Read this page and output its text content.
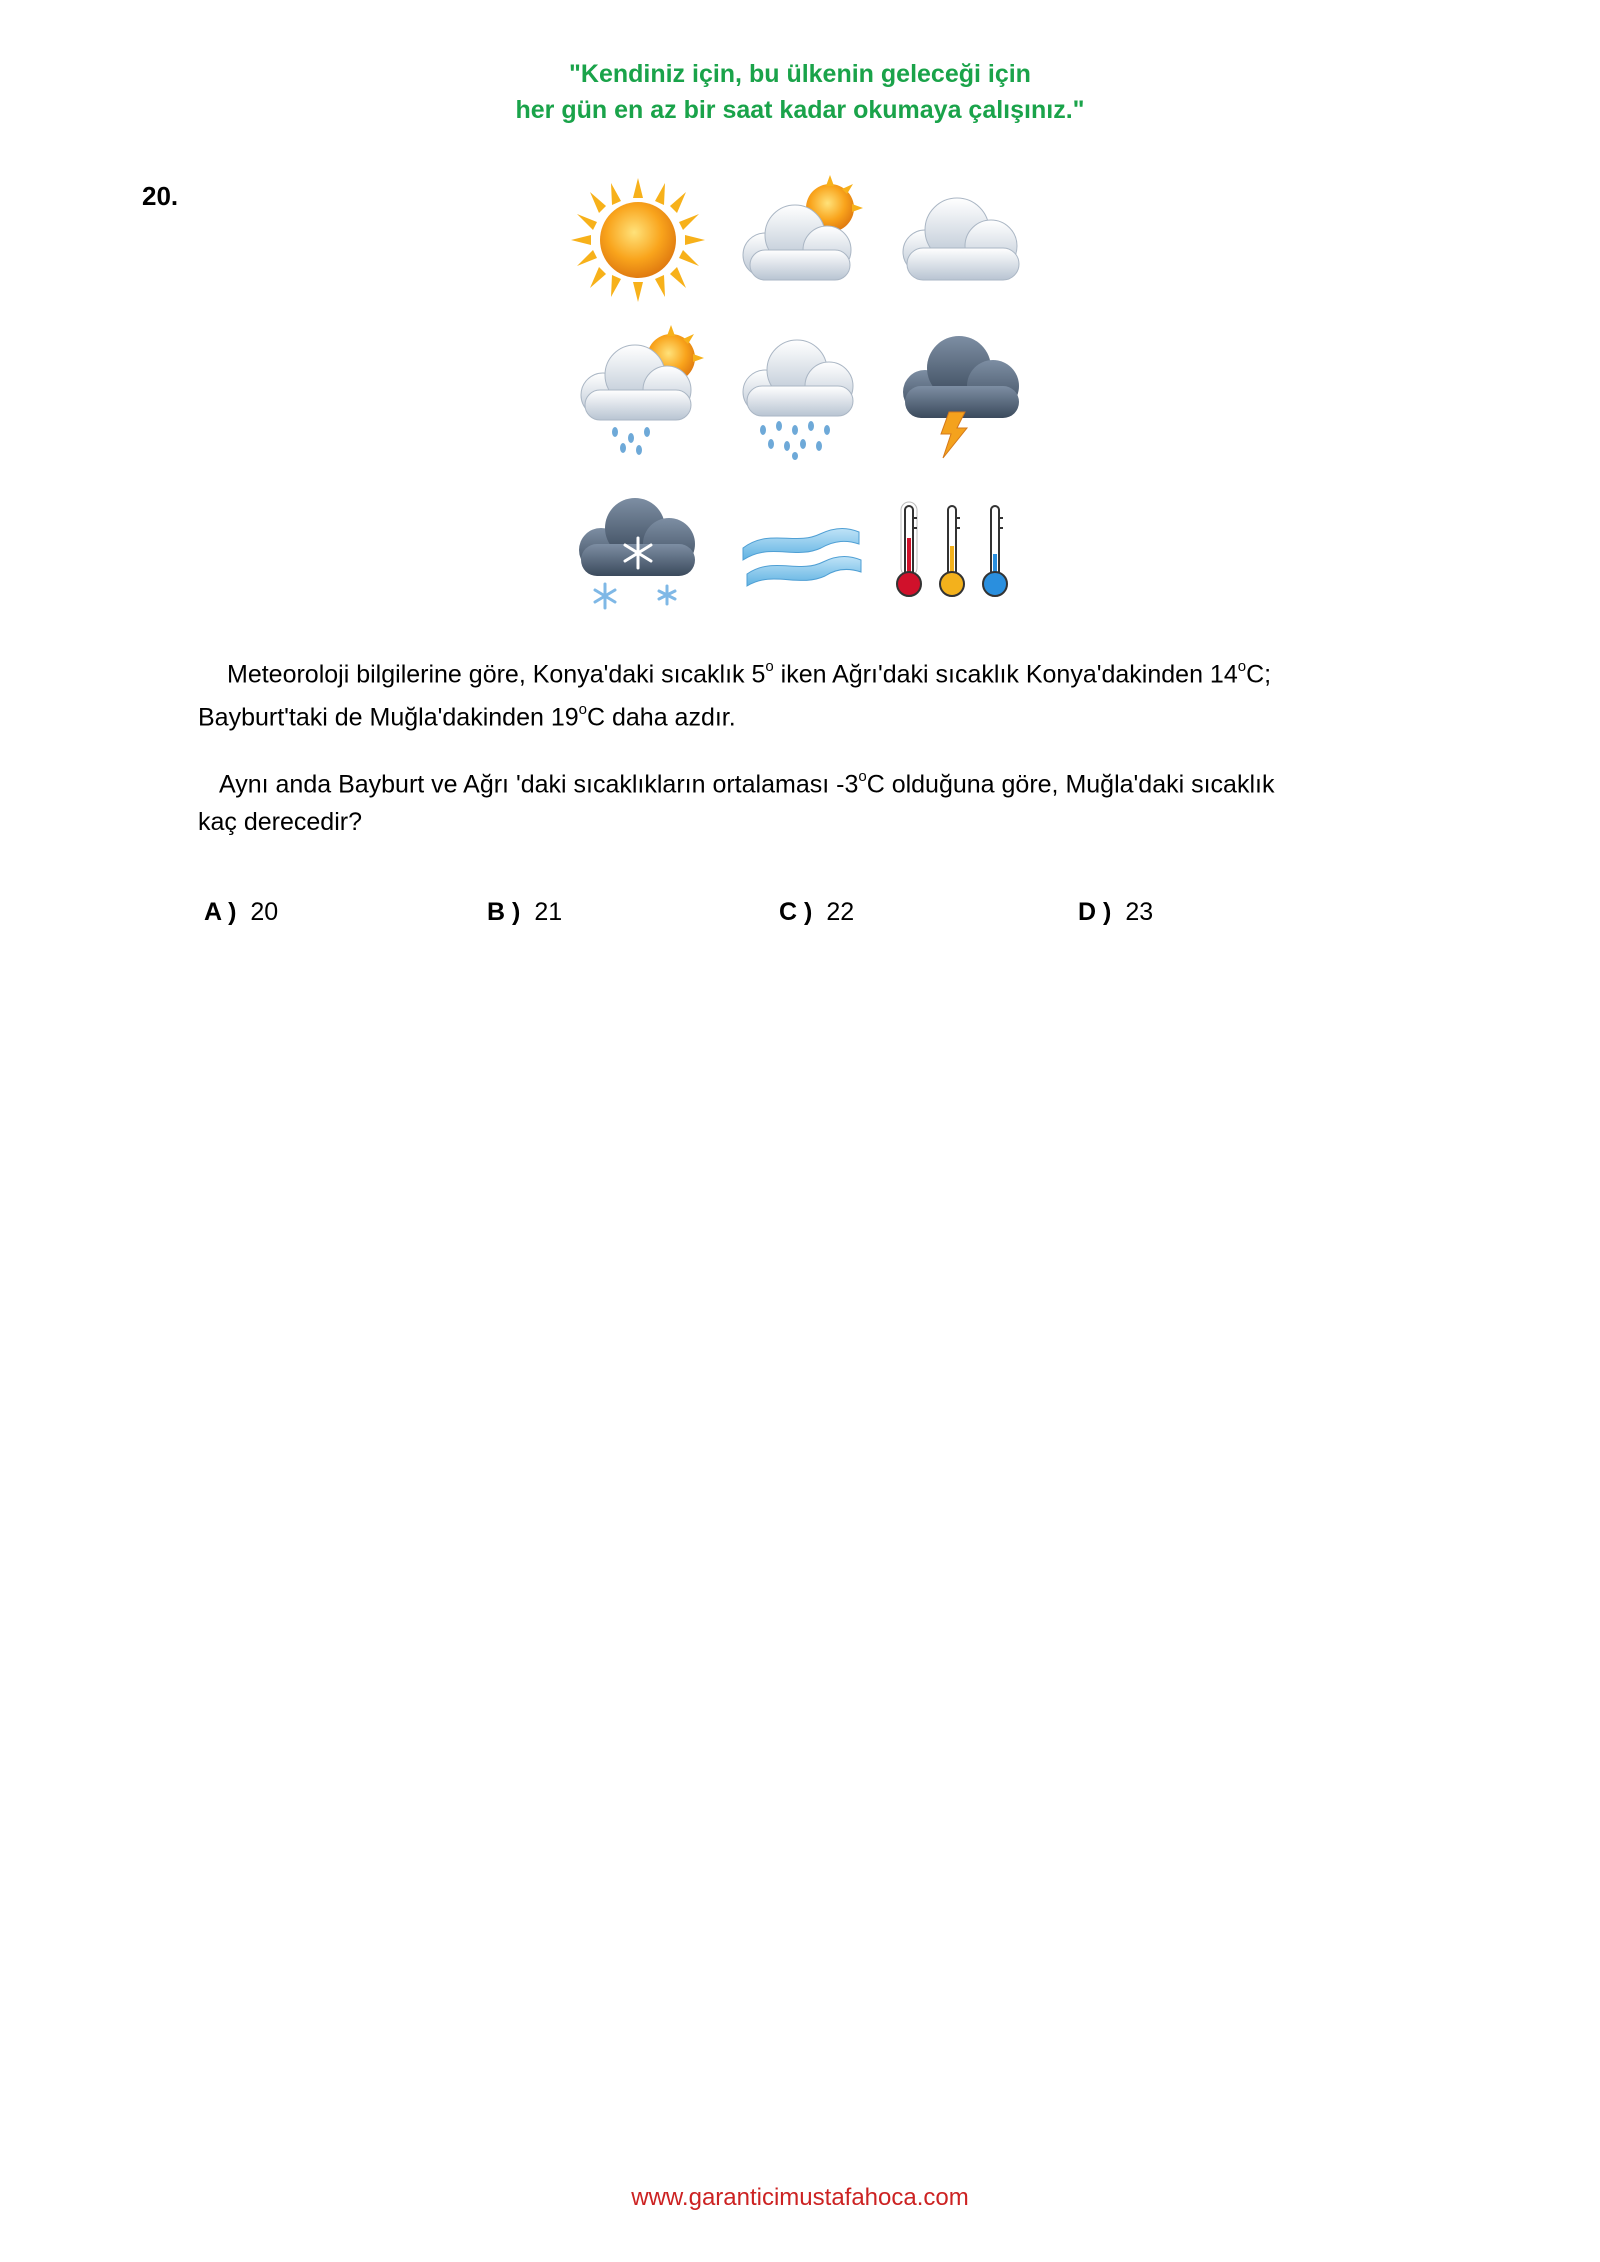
"Kendiniz için, bu ülkenin geleceği için
her gün en az bir saat kadar okumaya çalışınız."
20.
Meteoroloji bilgilerine göre, Konya'daki sıcaklık 5$^o$ iken Ağrı'daki sıcaklık Konya'dakinden 14$^o$C;
Bayburt'taki de Muğla'dakinden 19$^o$C daha azdır.
Aynı anda Bayburt ve Ağrı 'daki sıcaklıkların ortalaması -3$^o$C olduğuna göre, Muğla'daki sıcaklık
kaç derecedir?
A ) 20	B ) 21	C ) 22	D ) 23
www.garanticimustafahoca.com
